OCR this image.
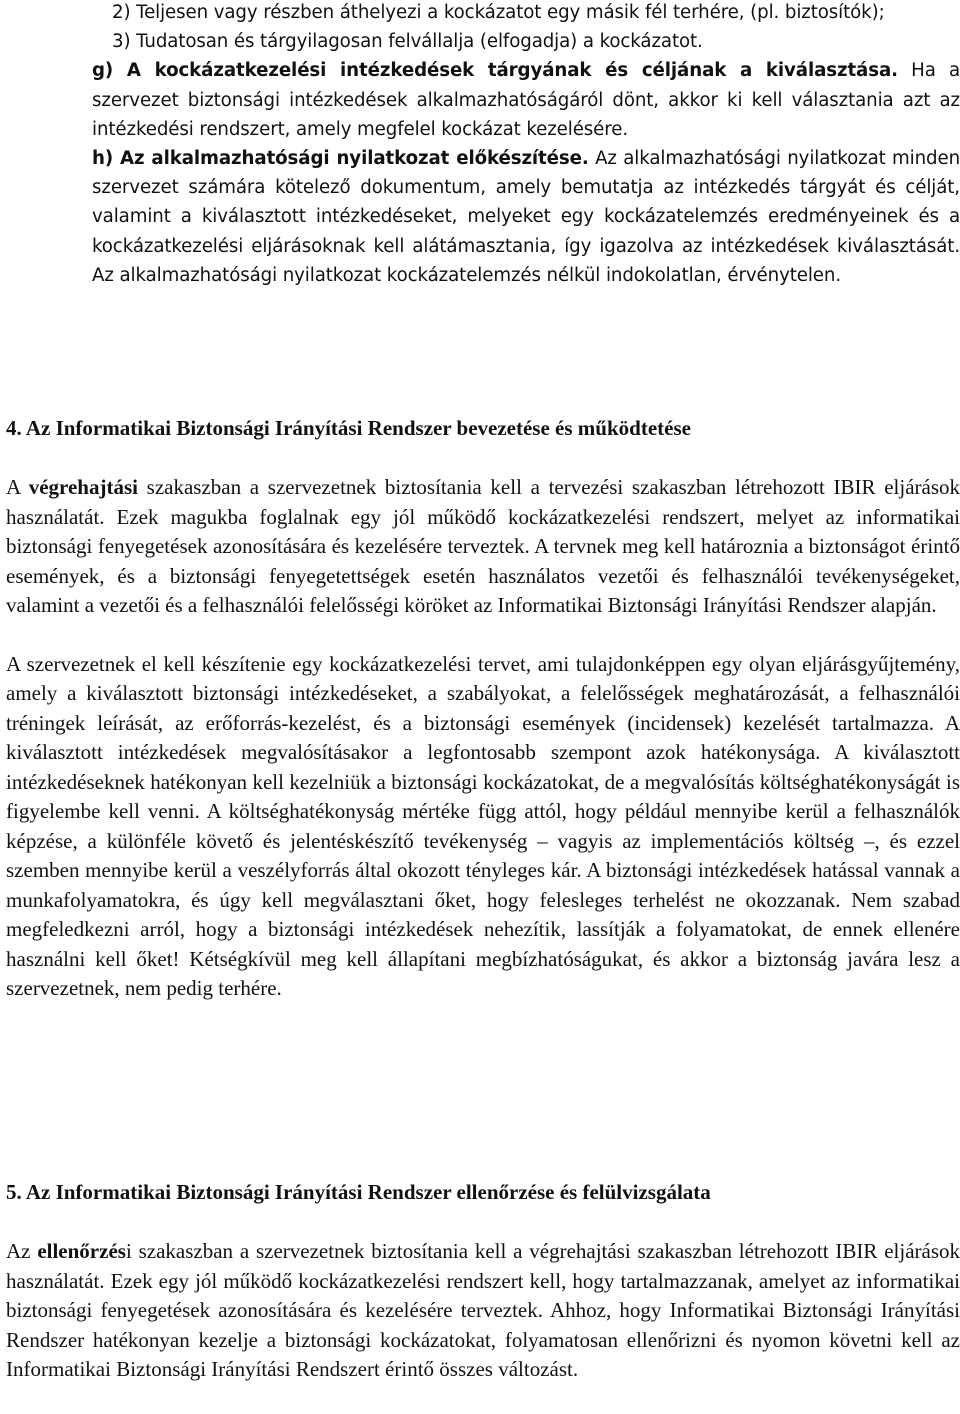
2) Teljesen vagy részben áthelyezi a kockázatot egy másik fél terhére, (pl. biztosítók);

3) Tudatosan és tárgyilagosan felvállalja (elfogadja) a kockázatot.

g) A kockázatkezelési intézkedések tárgyának és céljának a kiválasztása. Ha a szervezet biztonsági intézkedések alkalmazhatóságáról dönt, akkor ki kell választania azt az intézkedési rendszert, amely megfelel kockázat kezelésére.

h) Az alkalmazhatósági nyilatkozat előkészítése. Az alkalmazhatósági nyilatkozat minden szervezet számára kötelező dokumentum, amely bemutatja az intézkedés tárgyát és célját, valamint a kiválasztott intézkedéseket, melyeket egy kockázatelemzés eredményeinek és a kockázatkezelési eljárásoknak kell alátámasztania, így igazolva az intézkedések kiválasztását. Az alkalmazhatósági nyilatkozat kockázatelemzés nélkül indokolatlan, érvénytelen.

4. Az Informatikai Biztonsági Irányítási Rendszer bevezetése és működtetése

A végrehajtási szakaszban a szervezetnek biztosítania kell a tervezési szakaszban létrehozott IBIR eljárások használatát. Ezek magukba foglalnak egy jól működő kockázatkezelési rendszert, melyet az informatikai biztonsági fenyegetések azonosítására és kezelésére terveztek. A tervnek meg kell határoznia a biztonságot érintő események, és a biztonsági fenyegetettségek esetén használatos vezetői és felhasználói tevékenységeket, valamint a vezetői és a felhasználói felelősségi köröket az Informatikai Biztonsági Irányítási Rendszer alapján.

A szervezetnek el kell készítenie egy kockázatkezelési tervet, ami tulajdonképpen egy olyan eljárásgyűjtemény, amely a kiválasztott biztonsági intézkedéseket, a szabályokat, a felelősségek meghatározását, a felhasználói tréningek leírását, az erőforrás-kezelést, és a biztonsági események (incidensek) kezelését tartalmazza. A kiválasztott intézkedések megvalósításakor a legfontosabb szempont azok hatékonysága. A kiválasztott intézkedéseknek hatékonyan kell kezelniük a biztonsági kockázatokat, de a megvalósítás költséghatékonyságát is figyelembe kell venni. A költséghatékonyság mértéke függ attól, hogy például mennyibe kerül a felhasználók képzése, a különféle követő és jelentéskészítő tevékenység – vagyis az implementációs költség –, és ezzel szemben mennyibe kerül a veszélyforrás által okozott tényleges kár. A biztonsági intézkedések hatással vannak a munkafolyamatokra, és úgy kell megválasztani őket, hogy felesleges terhelést ne okozzanak. Nem szabad megfeledkezni arról, hogy a biztonsági intézkedések nehezítik, lassítják a folyamatokat, de ennek ellenére használni kell őket! Kétségkívül meg kell állapítani megbízhatóságukat, és akkor a biztonság javára lesz a szervezetnek, nem pedig terhére.

5. Az Informatikai Biztonsági Irányítási Rendszer ellenőrzése és felülvizsgálata

Az ellenőrzési szakaszban a szervezetnek biztosítania kell a végrehajtási szakaszban létrehozott IBIR eljárások használatát. Ezek egy jól működő kockázatkezelési rendszert kell, hogy tartalmazzanak, amelyet az informatikai biztonsági fenyegetések azonosítására és kezelésére terveztek. Ahhoz, hogy Informatikai Biztonsági Irányítási Rendszer hatékonyan kezelje a biztonsági kockázatokat, folyamatosan ellenőrizni és nyomon követni kell az Informatikai Biztonsági Irányítási Rendszert érintő összes változást.
